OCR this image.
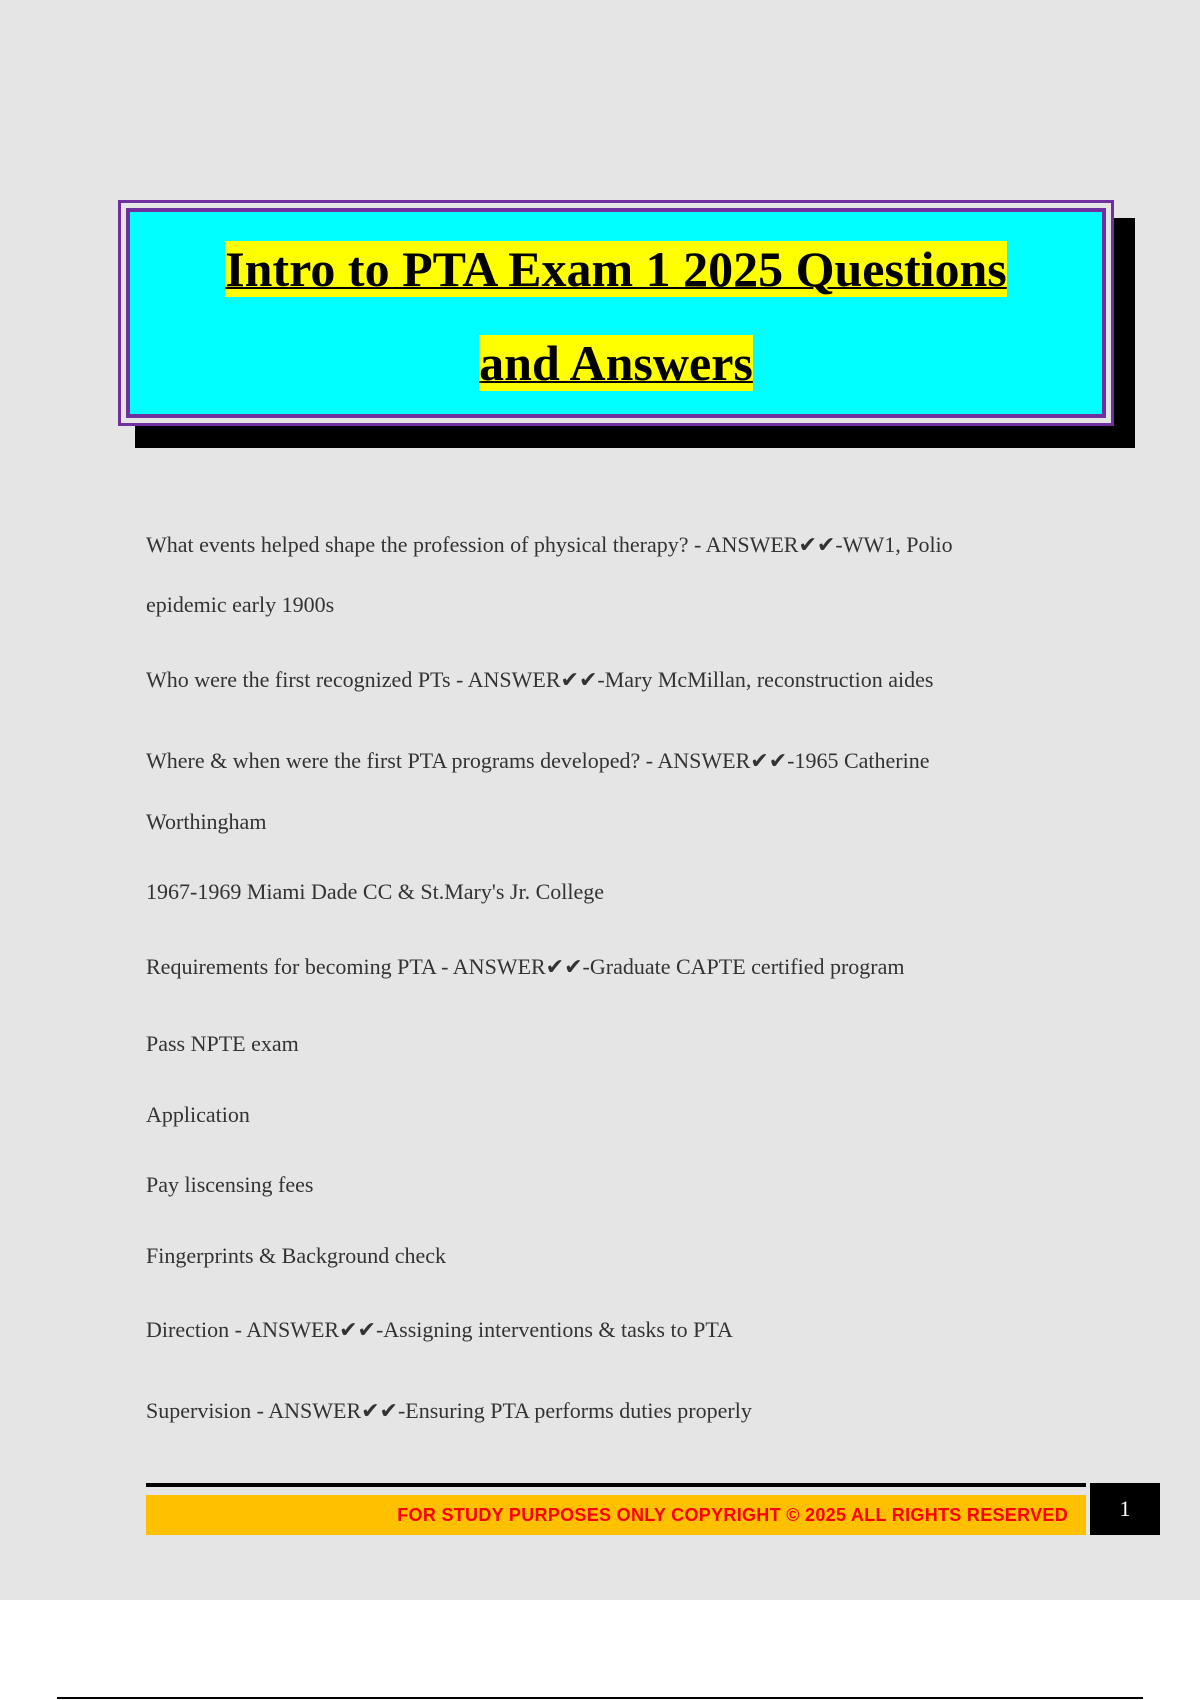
Intro to PTA Exam 1 2025 Questions
and Answers
What events helped shape the profession of physical therapy? - ANSWER✔✔-WW1, Polio
epidemic early 1900s
Who were the first recognized PTs - ANSWER✔✔-Mary McMillan, reconstruction aides
Where & when were the first PTA programs developed? - ANSWER✔✔-1965 Catherine
Worthingham
1967-1969 Miami Dade CC & St.Mary's Jr. College
Requirements for becoming PTA - ANSWER✔✔-Graduate CAPTE certified program
Pass NPTE exam
Application
Pay liscensing fees
Fingerprints & Background check
Direction - ANSWER✔✔-Assigning interventions & tasks to PTA
Supervision - ANSWER✔✔-Ensuring PTA performs duties properly
FOR STUDY PURPOSES ONLY COPYRIGHT © 2025 ALL RIGHTS RESERVED 1
